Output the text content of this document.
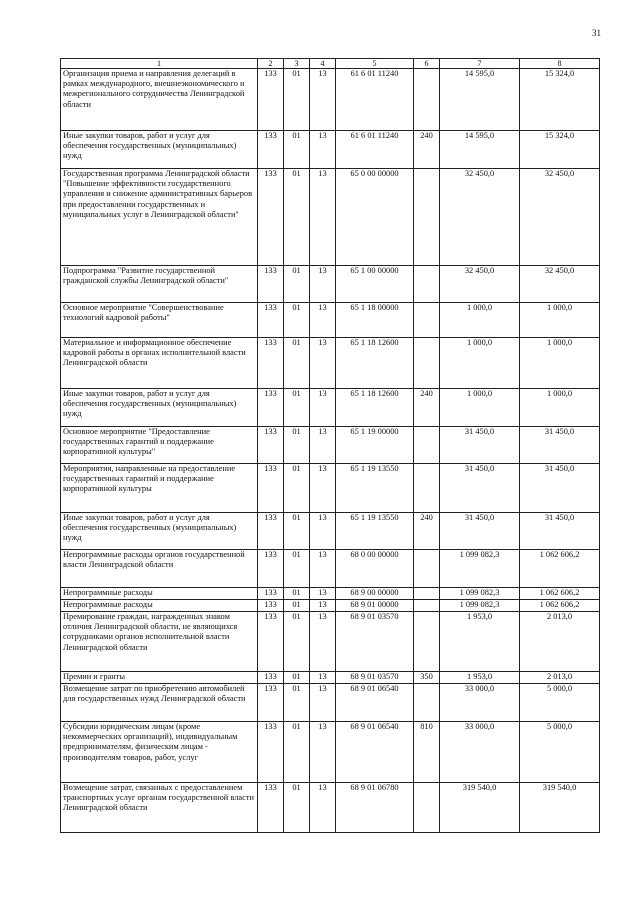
31
1	2	3	4	5	6	7	8
Организация приема и направления делегаций в рамках международного, внешнеэкономического и межрегионального сотрудничества Ленинградской области	133	01	13	61 6 01 11240		14 595,0	15 324,0
Иные закупки товаров, работ и услуг для обеспечения государственных (муниципальных) нужд	133	01	13	61 6 01 11240	240	14 595,0	15 324,0
Государственная программа Ленинградской области "Повышение эффективности государственного управления и снижение административных барьеров при предоставлении государственных и муниципальных услуг в Ленинградской области"	133	01	13	65 0 00 00000		32 450,0	32 450,0
Подпрограмма "Развитие государственной гражданской службы Ленинградской области"	133	01	13	65 1 00 00000		32 450,0	32 450,0
Основное мероприятие "Совершенствование технологий кадровой работы"	133	01	13	65 1 18 00000		1 000,0	1 000,0
Материальное и информационное обеспечение кадровой работы в органах исполнительной власти Ленинградской области	133	01	13	65 1 18 12600		1 000,0	1 000,0
Иные закупки товаров, работ и услуг для обеспечения государственных (муниципальных) нужд	133	01	13	65 1 18 12600	240	1 000,0	1 000,0
Основное мероприятие "Предоставление государственных гарантий и поддержание корпоративной культуры"	133	01	13	65 1 19 00000		31 450,0	31 450,0
Мероприятия, направленные на предоставление государственных гарантий и поддержание корпоративной культуры	133	01	13	65 1 19 13550		31 450,0	31 450,0
Иные закупки товаров, работ и услуг для обеспечения государственных (муниципальных) нужд	133	01	13	65 1 19 13550	240	31 450,0	31 450,0
Непрограммные расходы органов государственной власти Ленинградской области	133	01	13	68 0 00 00000		1 099 082,3	1 062 606,2
Непрограммные расходы	133	01	13	68 9 00 00000		1 099 082,3	1 062 606,2
Непрограммные расходы	133	01	13	68 9 01 00000		1 099 082,3	1 062 606,2
Премирование граждан, награжденных знаком отличия Ленинградской области, не являющихся сотрудниками органов исполнительной власти Ленинградской области	133	01	13	68 9 01 03570		1 953,0	2 013,0
Премии и гранты	133	01	13	68 9 01 03570	350	1 953,0	2 013,0
Возмещение затрат по приобретению автомобилей для государственных нужд Ленинградской области	133	01	13	68 9 01 06540		33 000,0	5 000,0
Субсидии юридическим лицам (кроме некоммерческих организаций), индивидуальным предпринимателям, физическим лицам - производителям товаров, работ, услуг	133	01	13	68 9 01 06540	810	33 000,0	5 000,0
Возмещение затрат, связанных с предоставлением транспортных услуг органам государственной власти Ленинградской области	133	01	13	68 9 01 06780		319 540,0	319 540,0
